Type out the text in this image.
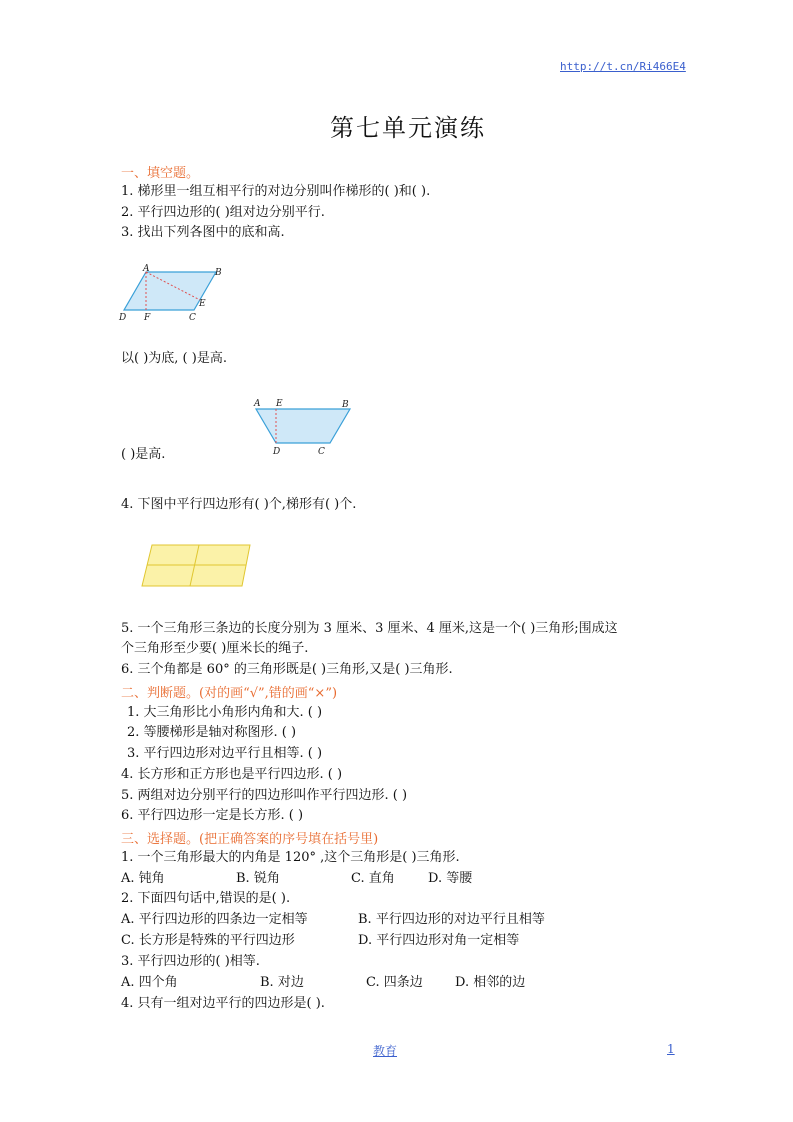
http://t.cn/Ri466E4
第七单元演练
一、填空题。
1. 梯形里一组互相平行的对边分别叫作梯形的( )和( ).
2. 平行四边形的( )组对边分别平行.
3. 找出下列各图中的底和高.
A	B
E
D F	C
以( )为底, ( )是高.
A E	B
D	C
( )是高.
4. 下图中平行四边形有( )个,梯形有( )个.
5. 一个三角形三条边的长度分别为 3 厘米、3 厘米、4 厘米,这是一个( )三角形;围成这
个三角形至少要( )厘米长的绳子.
6. 三个角都是 60° 的三角形既是( )三角形,又是( )三角形.
二、判断题。(对的画“√”,错的画“×”)
1. 大三角形比小角形内角和大. ( )
2. 等腰梯形是轴对称图形. ( )
3. 平行四边形对边平行且相等. ( )
4. 长方形和正方形也是平行四边形. ( )
5. 两组对边分别平行的四边形叫作平行四边形. ( )
6. 平行四边形一定是长方形. ( )
三、选择题。(把正确答案的序号填在括号里)
1. 一个三角形最大的内角是 120° ,这个三角形是( )三角形.
A. 钝角	B. 锐角	C. 直角	D. 等腰
2. 下面四句话中,错误的是( ).
A. 平行四边形的四条边一定相等	B. 平行四边形的对边平行且相等
C. 长方形是特殊的平行四边形	D. 平行四边形对角一定相等
3. 平行四边形的( )相等.
A. 四个角	B. 对边	C. 四条边 D. 相邻的边
4. 只有一组对边平行的四边形是( ).
教育	1
